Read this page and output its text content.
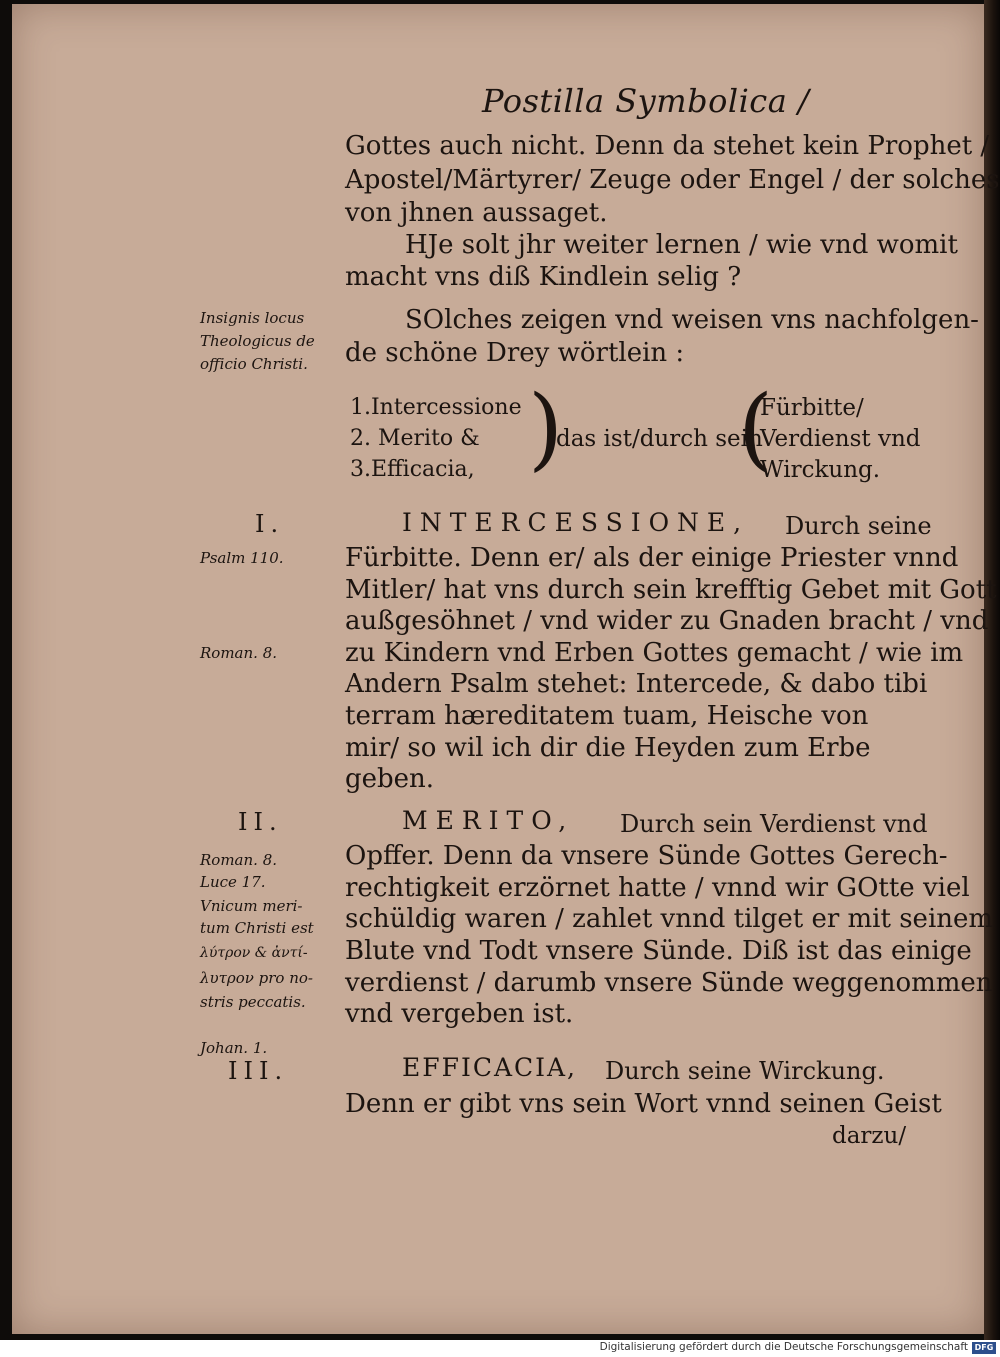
Postilla Symbolica /
Gottes auch nicht. Denn da stehet kein Prophet /
Apostel/Märtyrer/ Zeuge oder Engel / der solches
von jhnen aussaget.
HJe solt jhr weiter lernen / wie vnd womit
macht vns diß Kindlein selig ?
Insignis locus
Theologicus de
officio Christi.
SOlches zeigen vnd weisen vns nachfolgen-
de schöne Drey wörtlein :
1.Intercessione
2. Merito &
3.Efficacia, )
das ist/durch sein
(
Fürbitte/
Verdienst vnd
Wirckung.
I.
Psalm 110.
INTERCESSIONE, Durch seine
Fürbitte. Denn er/ als der einige Priester vnnd
Mitler/ hat vns durch sein krefftig Gebet mit Gott
außgesöhnet / vnd wider zu Gnaden bracht / vnd
Roman. 8.	zu Kindern vnd Erben Gottes gemacht / wie im
Andern Psalm stehet: Intercede, & dabo tibi
terram hæreditatem tuam, Heische von
mir/ so wil ich dir die Heyden zum Erbe
geben.
II.	MERITO, Durch sein Verdienst vnd
Roman. 8.
Luce 17.
Opffer. Denn da vnsere Sünde Gottes Gerech-
rechtigkeit erzörnet hatte / vnnd wir GOtte viel
schüldig waren / zahlet vnnd tilget er mit seinem
Blute vnd Todt vnsere Sünde. Diß ist das einige
verdienst / darumb vnsere Sünde weggenommen
vnd vergeben ist.
Vnicum meri-
tum Christi est
λύτρον & ἀντί-
λυτρον pro no-
stris peccatis.
Johan. 1.
III.	EFFICACIA, Durch seine Wirckung.
Denn er gibt vns sein Wort vnnd seinen Geist
darzu/
Digitalisierung gefördert durch die Deutsche Forschungsgemeinschaft DFG
